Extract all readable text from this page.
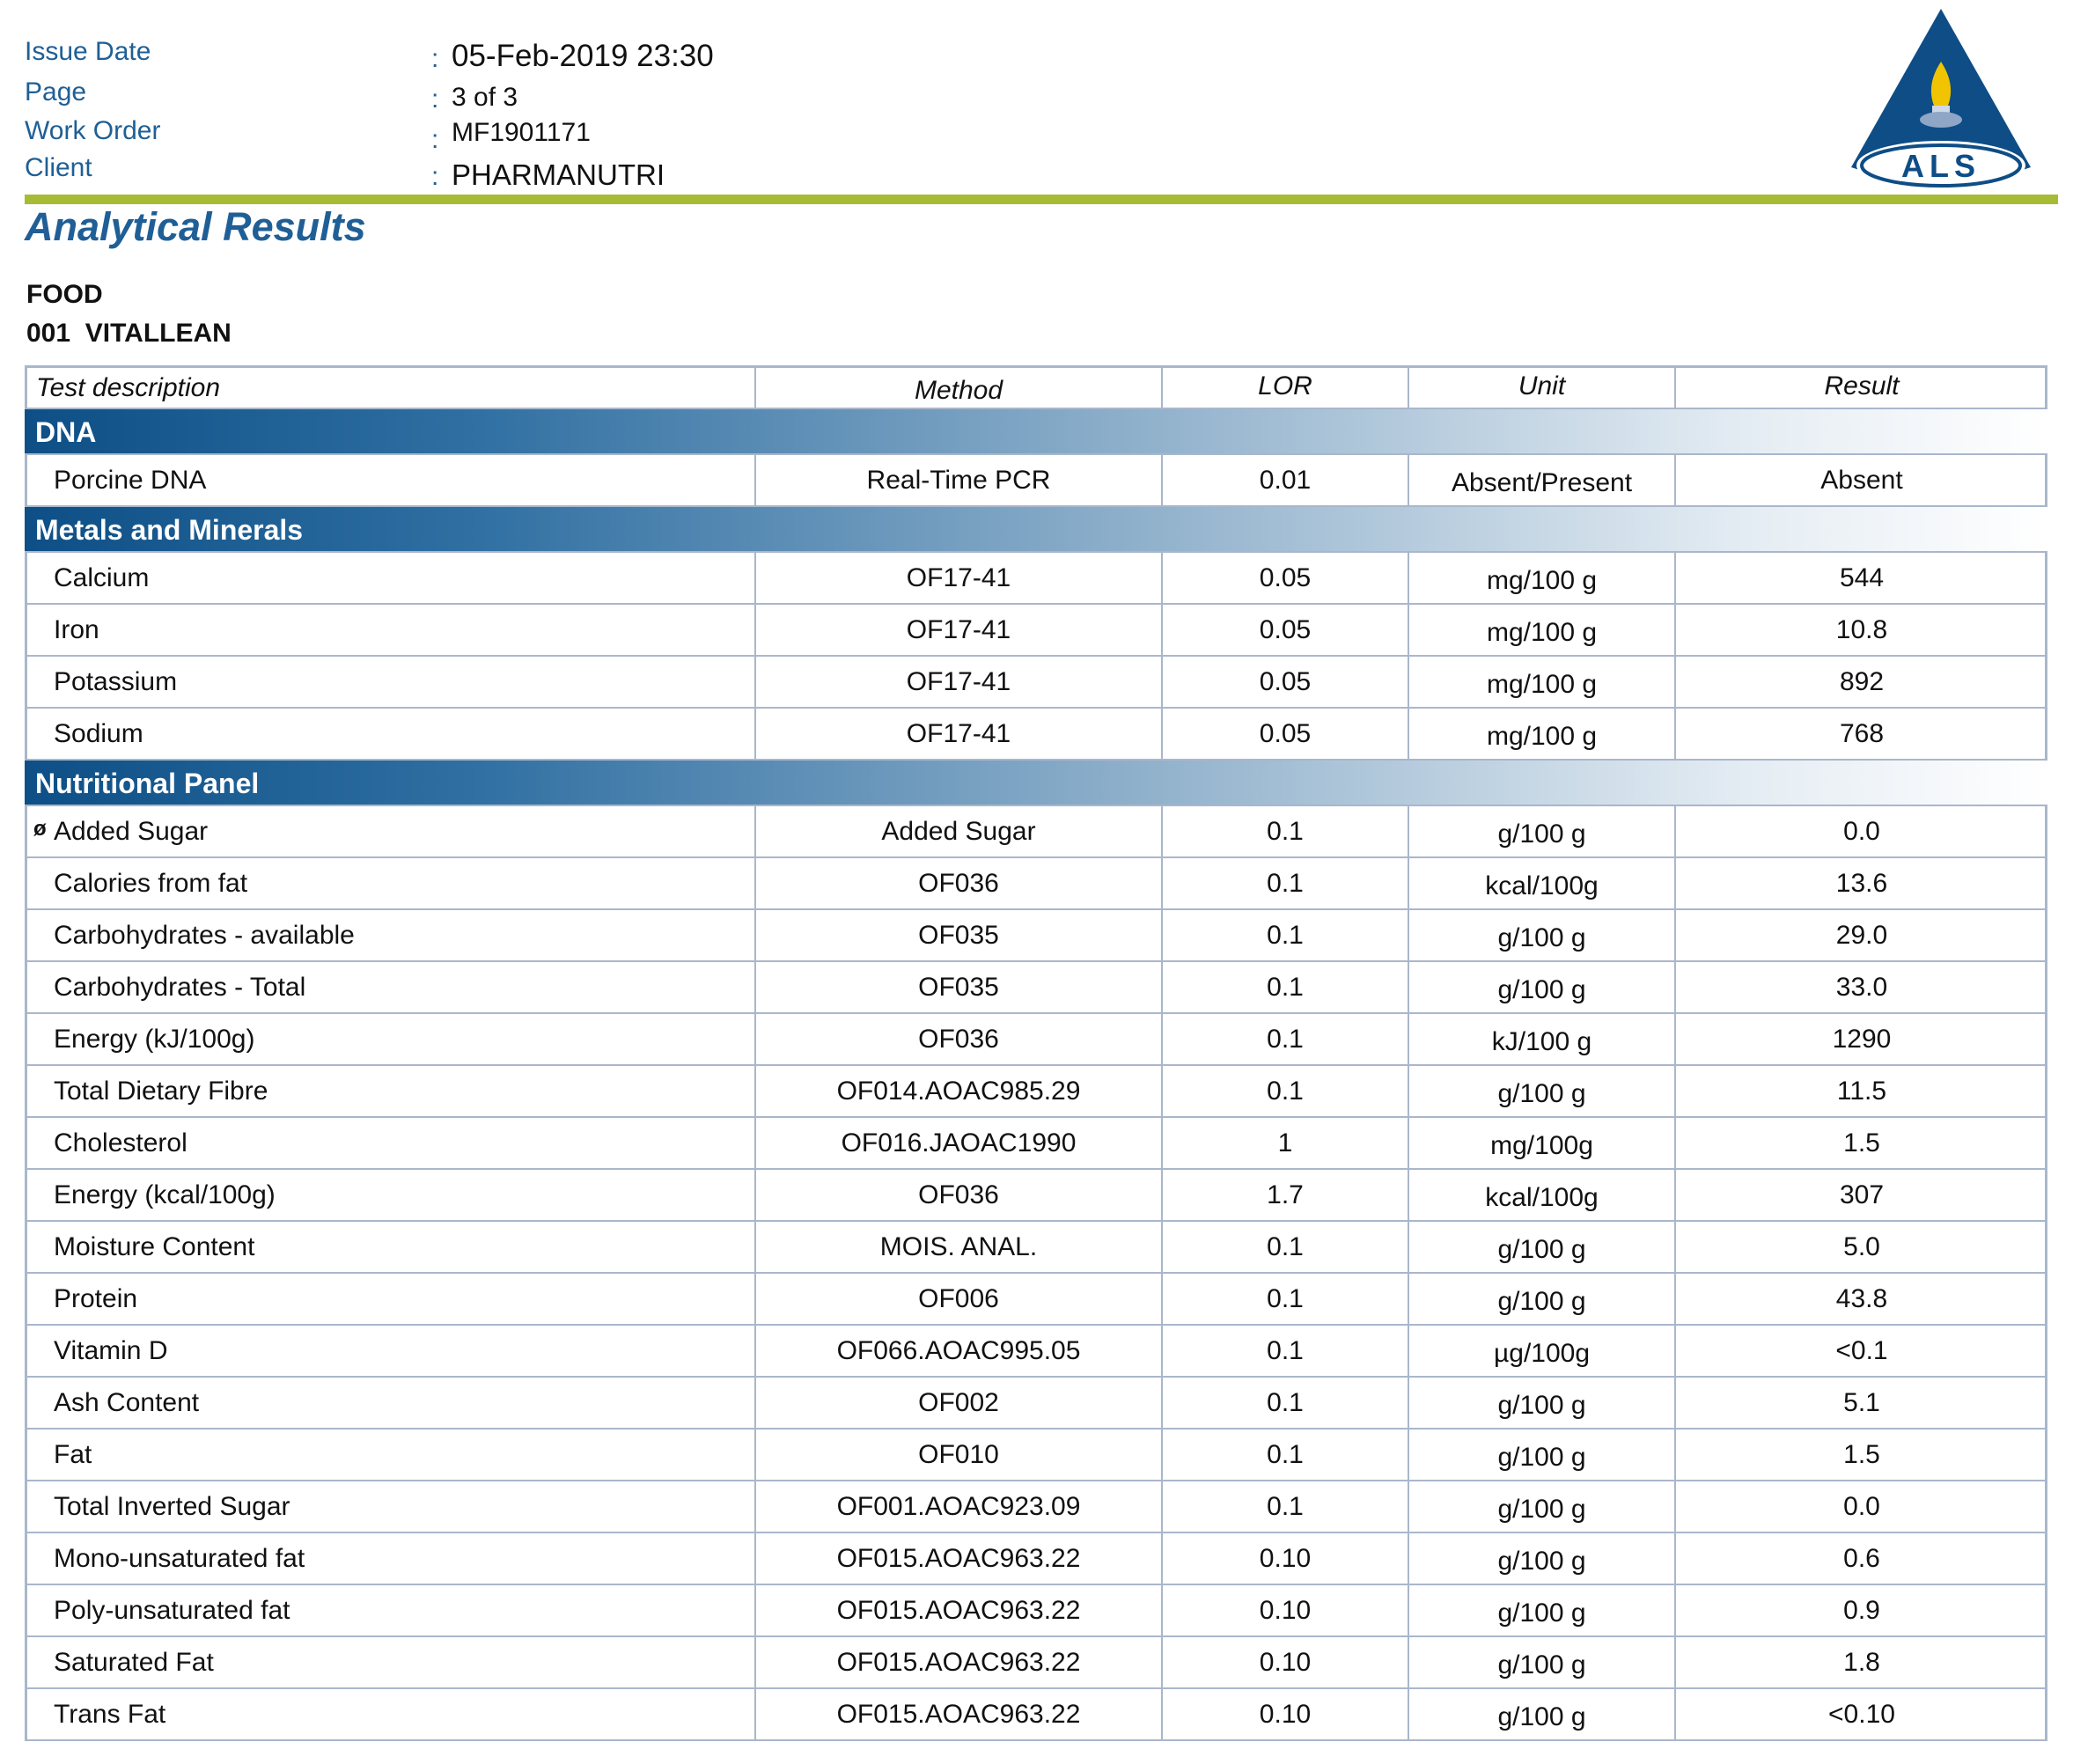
Issue Date	: 05-Feb-2019 23:30
Page	: 3 of 3
Work Order	: MF1901171
Client	: PHARMANUTRI	ALS
Analytical Results
FOOD
001  VITALLEAN
Test description	Method	LOR	Unit	Result
DNA
Porcine DNA	Real-Time PCR	0.01	Absent/Present	Absent
Metals and Minerals
Calcium	OF17-41	0.05	mg/100 g	544
Iron	OF17-41	0.05	mg/100 g	10.8
Potassium	OF17-41	0.05	mg/100 g	892
Sodium	OF17-41	0.05	mg/100 g	768
Nutritional Panel
Added Sugar	Added Sugar	0.1	g/100 g	0.0
ø
Calories from fat	OF036	0.1	kcal/100g	13.6
Carbohydrates - available	OF035	0.1	g/100 g	29.0
Carbohydrates - Total	OF035	0.1	g/100 g	33.0
Energy (kJ/100g)	OF036	0.1	kJ/100 g	1290
Total Dietary Fibre	OF014.AOAC985.29	0.1	g/100 g	11.5
Cholesterol	OF016.JAOAC1990	1	mg/100g	1.5
Energy (kcal/100g)	OF036	1.7	kcal/100g	307
Moisture Content	MOIS. ANAL.	0.1	g/100 g	5.0
Protein	OF006	0.1	g/100 g	43.8
Vitamin D	OF066.AOAC995.05	0.1	µg/100g	<0.1
Ash Content	OF002	0.1	g/100 g	5.1
Fat	OF010	0.1	g/100 g	1.5
Total Inverted Sugar	OF001.AOAC923.09	0.1	g/100 g	0.0
Mono-unsaturated fat	OF015.AOAC963.22	0.10	g/100 g	0.6
Poly-unsaturated fat	OF015.AOAC963.22	0.10	g/100 g	0.9
Saturated Fat	OF015.AOAC963.22	0.10	g/100 g	1.8
Trans Fat	OF015.AOAC963.22	0.10	g/100 g	<0.10
